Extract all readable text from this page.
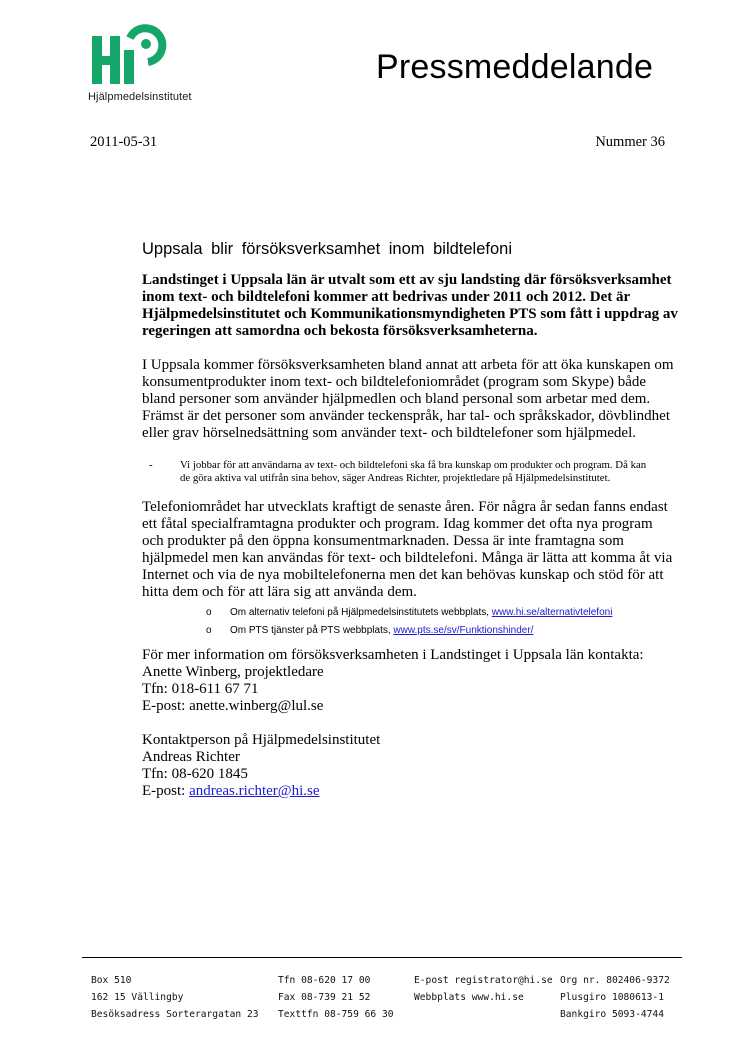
Hjälpmedelsinstitutet
Pressmeddelande
2011-05-31	Nummer 36
Uppsala blir försöksverksamhet inom bildtelefoni

Landstinget i Uppsala län är utvalt som ett av sju landsting där försöksverksamhet inom text- och bildtelefoni kommer att bedrivas under 2011 och 2012. Det är Hjälpmedelsinstitutet och Kommunikationsmyndigheten PTS som fått i uppdrag av regeringen att samordna och bekosta försöksverksamheterna.

I Uppsala kommer försöksverksamheten bland annat att arbeta för att öka kunskapen om konsumentprodukter inom text- och bildtelefoniområdet (program som Skype) både bland personer som använder hjälpmedlen och bland personal som arbetar med dem. Främst är det personer som använder teckenspråk, har tal- och språkskador, dövblindhet eller grav hörselnedsättning som använder text- och bildtelefoner som hjälpmedel.

-	Vi jobbar för att användarna av text- och bildtelefoni ska få bra kunskap om produkter och program. Då kan de göra aktiva val utifrån sina behov, säger Andreas Richter, projektledare på Hjälpmedelsinstitutet.

Telefoniområdet har utvecklats kraftigt de senaste åren. För några år sedan fanns endast ett fåtal specialframtagna produkter och program. Idag kommer det ofta nya program och produkter på den öppna konsumentmarknaden. Dessa är inte framtagna som hjälpmedel men kan användas för text- och bildtelefoni. Många är lätta att komma åt via Internet och via de nya mobiltelefonerna men det kan behövas kunskap och stöd för att hitta dem och för att lära sig att använda dem.

o	Om alternativ telefoni på Hjälpmedelsinstitutets webbplats, www.hi.se/alternativtelefoni
o	Om PTS tjänster på PTS webbplats, www.pts.se/sv/Funktionshinder/

För mer information om försöksverksamheten i Landstinget i Uppsala län kontakta:

Anette Winberg, projektledare

Tfn: 018-611 67 71

E-post: anette.winberg@lul.se

Kontaktperson på Hjälpmedelsinstitutet

Andreas Richter

Tfn: 08-620 1845

E-post: andreas.richter@hi.se

Box 510
162 15 Vällingby
Besöksadress Sorterargatan 23
Tfn 08-620 17 00
Fax 08-739 21 52
Texttfn 08-759 66 30
E-post registrator@hi.se
Webbplats www.hi.se
Org nr. 802406-9372
Plusgiro 1080613-1
Bankgiro 5093-4744
